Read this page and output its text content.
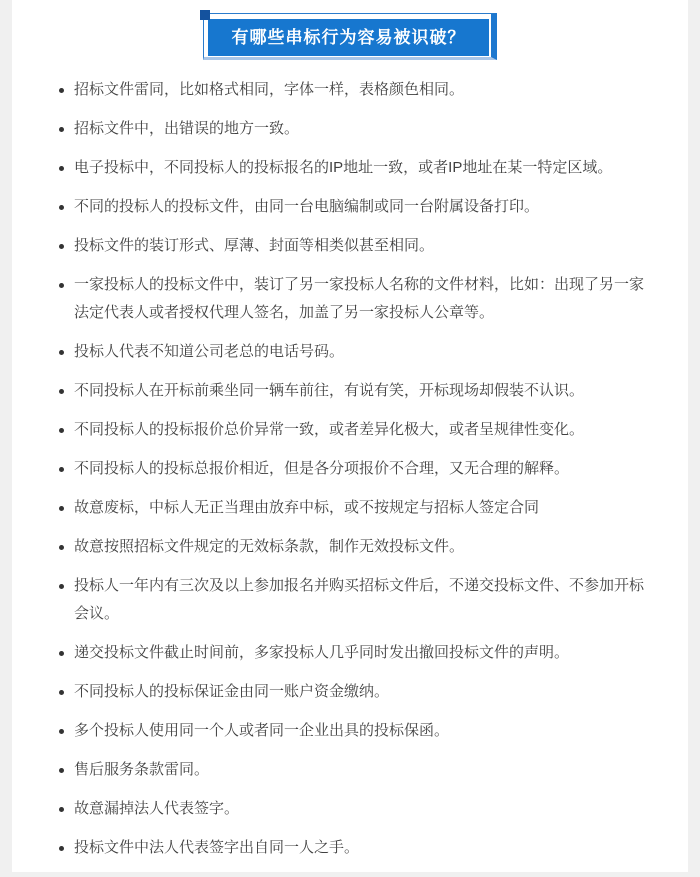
有哪些串标行为容易被识破？
招标文件雷同，比如格式相同，字体一样，表格颜色相同。
招标文件中，出错误的地方一致。
电子投标中，不同投标人的投标报名的IP地址一致，或者IP地址在某一特定区域。
不同的投标人的投标文件，由同一台电脑编制或同一台附属设备打印。
投标文件的装订形式、厚薄、封面等相类似甚至相同。
一家投标人的投标文件中，装订了另一家投标人名称的文件材料，比如：出现了另一家法定代表人或者授权代理人签名，加盖了另一家投标人公章等。
投标人代表不知道公司老总的电话号码。
不同投标人在开标前乘坐同一辆车前往，有说有笑，开标现场却假装不认识。
不同投标人的投标报价总价异常一致，或者差异化极大，或者呈规律性变化。
不同投标人的投标总报价相近，但是各分项报价不合理，又无合理的解释。
故意废标，中标人无正当理由放弃中标，或不按规定与招标人签定合同
故意按照招标文件规定的无效标条款，制作无效投标文件。
投标人一年内有三次及以上参加报名并购买招标文件后，不递交投标文件、不参加开标会议。
递交投标文件截止时间前，多家投标人几乎同时发出撤回投标文件的声明。
不同投标人的投标保证金由同一账户资金缴纳。
多个投标人使用同一个人或者同一企业出具的投标保函。
售后服务条款雷同。
故意漏掉法人代表签字。
投标文件中法人代表签字出自同一人之手。
